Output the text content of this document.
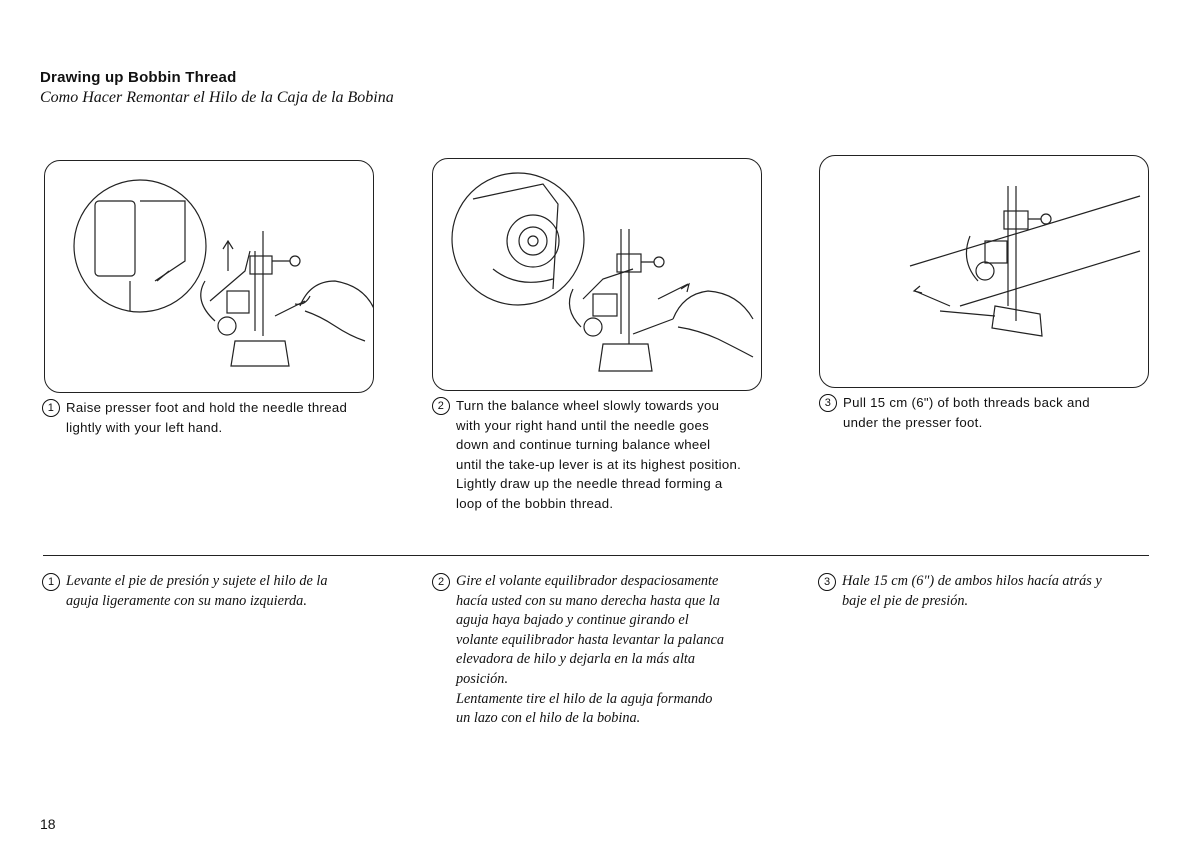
Drawing up Bobbin Thread
Como Hacer Remontar el Hilo de la Caja de la Bobina
1 Raise presser foot and hold the needle thread
lightly with your left hand.
2 Turn the balance wheel slowly towards you
with your right hand until the needle goes
down and continue turning balance wheel
until the take-up lever is at its highest position.
Lightly draw up the needle thread forming a
loop of the bobbin thread.
3 Pull 15 cm (6") of both threads back and
under the presser foot.
1 Levante el pie de presión y sujete el hilo de la
aguja ligeramente con su mano izquierda.
2 Gire el volante equilibrador despaciosamente
hacía usted con su mano derecha hasta que la
aguja haya bajado y continue girando el
volante equilibrador hasta levantar la palanca
elevadora de hilo y dejarla en la más alta
posición.
Lentamente tire el hilo de la aguja formando
un lazo con el hilo de la bobina.
3 Hale 15 cm (6") de ambos hilos hacía atrás y
baje el pie de presión.
18
